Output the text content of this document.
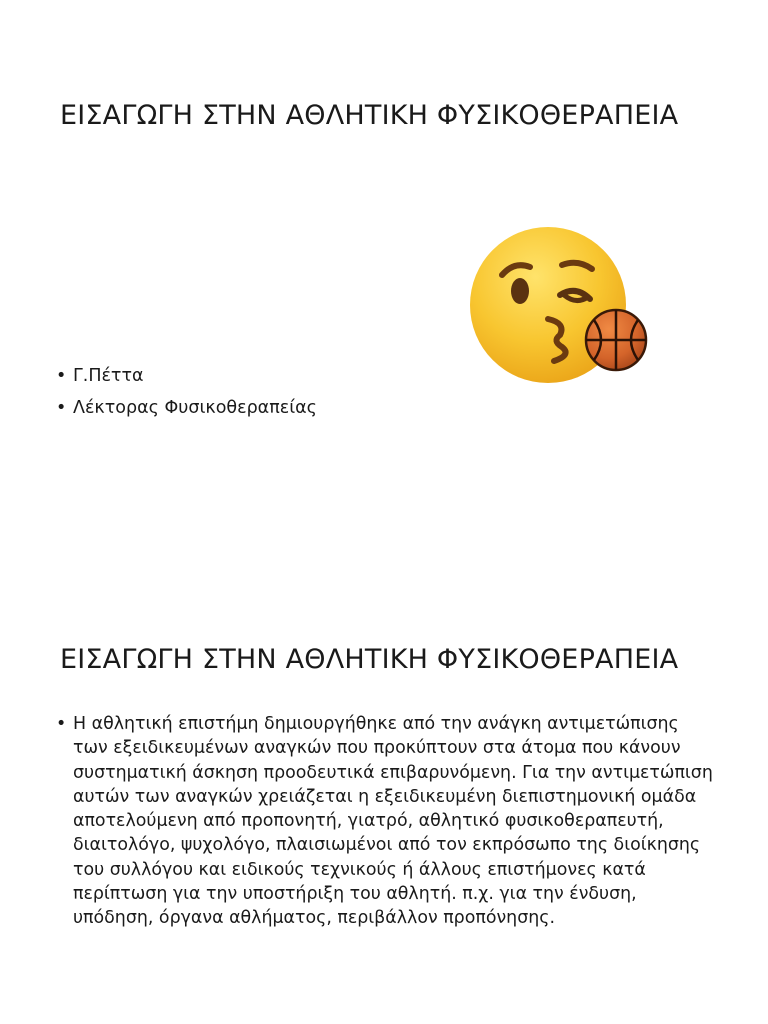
ΕΙΣΑΓΩΓΗ ΣΤΗΝ ΑΘΛΗΤΙΚΗ ΦΥΣΙΚΟΘΕΡΑΠΕΙΑ
• Γ.Πέττα
• Λέκτορας Φυσικοθεραπείας
ΕΙΣΑΓΩΓΗ ΣΤΗΝ ΑΘΛΗΤΙΚΗ ΦΥΣΙΚΟΘΕΡΑΠΕΙΑ
• Η αθλητική επιστήμη δημιουργήθηκε από την ανάγκη αντιμετώπισης των εξειδικευμένων αναγκών που προκύπτουν στα άτομα που κάνουν συστηματική άσκηση προοδευτικά επιβαρυνόμενη. Για την αντιμετώπιση αυτών των αναγκών χρειάζεται η εξειδικευμένη διεπιστημονική ομάδα αποτελούμενη από προπονητή, γιατρό, αθλητικό φυσικοθεραπευτή, διαιτολόγο, ψυχολόγο, πλαισιωμένοι από τον εκπρόσωπο της διοίκησης του συλλόγου και ειδικούς τεχνικούς ή άλλους επιστήμονες κατά περίπτωση για την υποστήριξη του αθλητή. π.χ. για την ένδυση, υπόδηση, όργανα αθλήματος, περιβάλλον προπόνησης.
